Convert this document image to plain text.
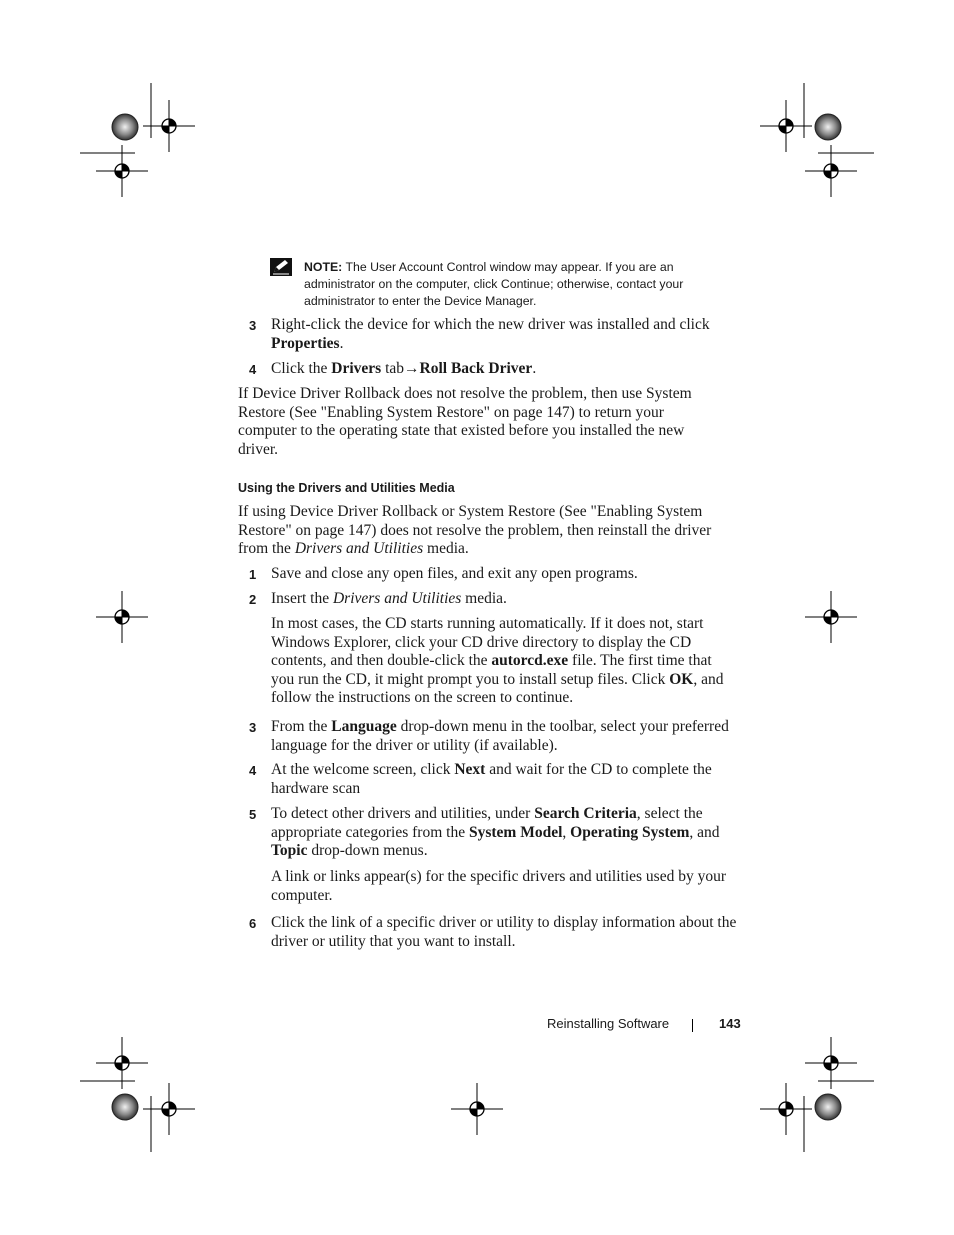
NOTE: The User Account Control window may appear. If you are an administrator on the computer, click Continue; otherwise, contact your administrator to enter the Device Manager.
3 Right-click the device for which the new driver was installed and click Properties.
4 Click the Drivers tab→Roll Back Driver.
If Device Driver Rollback does not resolve the problem, then use System Restore (See "Enabling System Restore" on page 147) to return your computer to the operating state that existed before you installed the new driver.
Using the Drivers and Utilities Media
If using Device Driver Rollback or System Restore (See "Enabling System Restore" on page 147) does not resolve the problem, then reinstall the driver from the Drivers and Utilities media.
1 Save and close any open files, and exit any open programs.
2 Insert the Drivers and Utilities media.
In most cases, the CD starts running automatically. If it does not, start Windows Explorer, click your CD drive directory to display the CD contents, and then double-click the autorcd.exe file. The first time that you run the CD, it might prompt you to install setup files. Click OK, and follow the instructions on the screen to continue.
3 From the Language drop-down menu in the toolbar, select your preferred language for the driver or utility (if available).
4 At the welcome screen, click Next and wait for the CD to complete the hardware scan
5 To detect other drivers and utilities, under Search Criteria, select the appropriate categories from the System Model, Operating System, and Topic drop-down menus.
A link or links appear(s) for the specific drivers and utilities used by your computer.
6 Click the link of a specific driver or utility to display information about the driver or utility that you want to install.
Reinstalling Software	143
